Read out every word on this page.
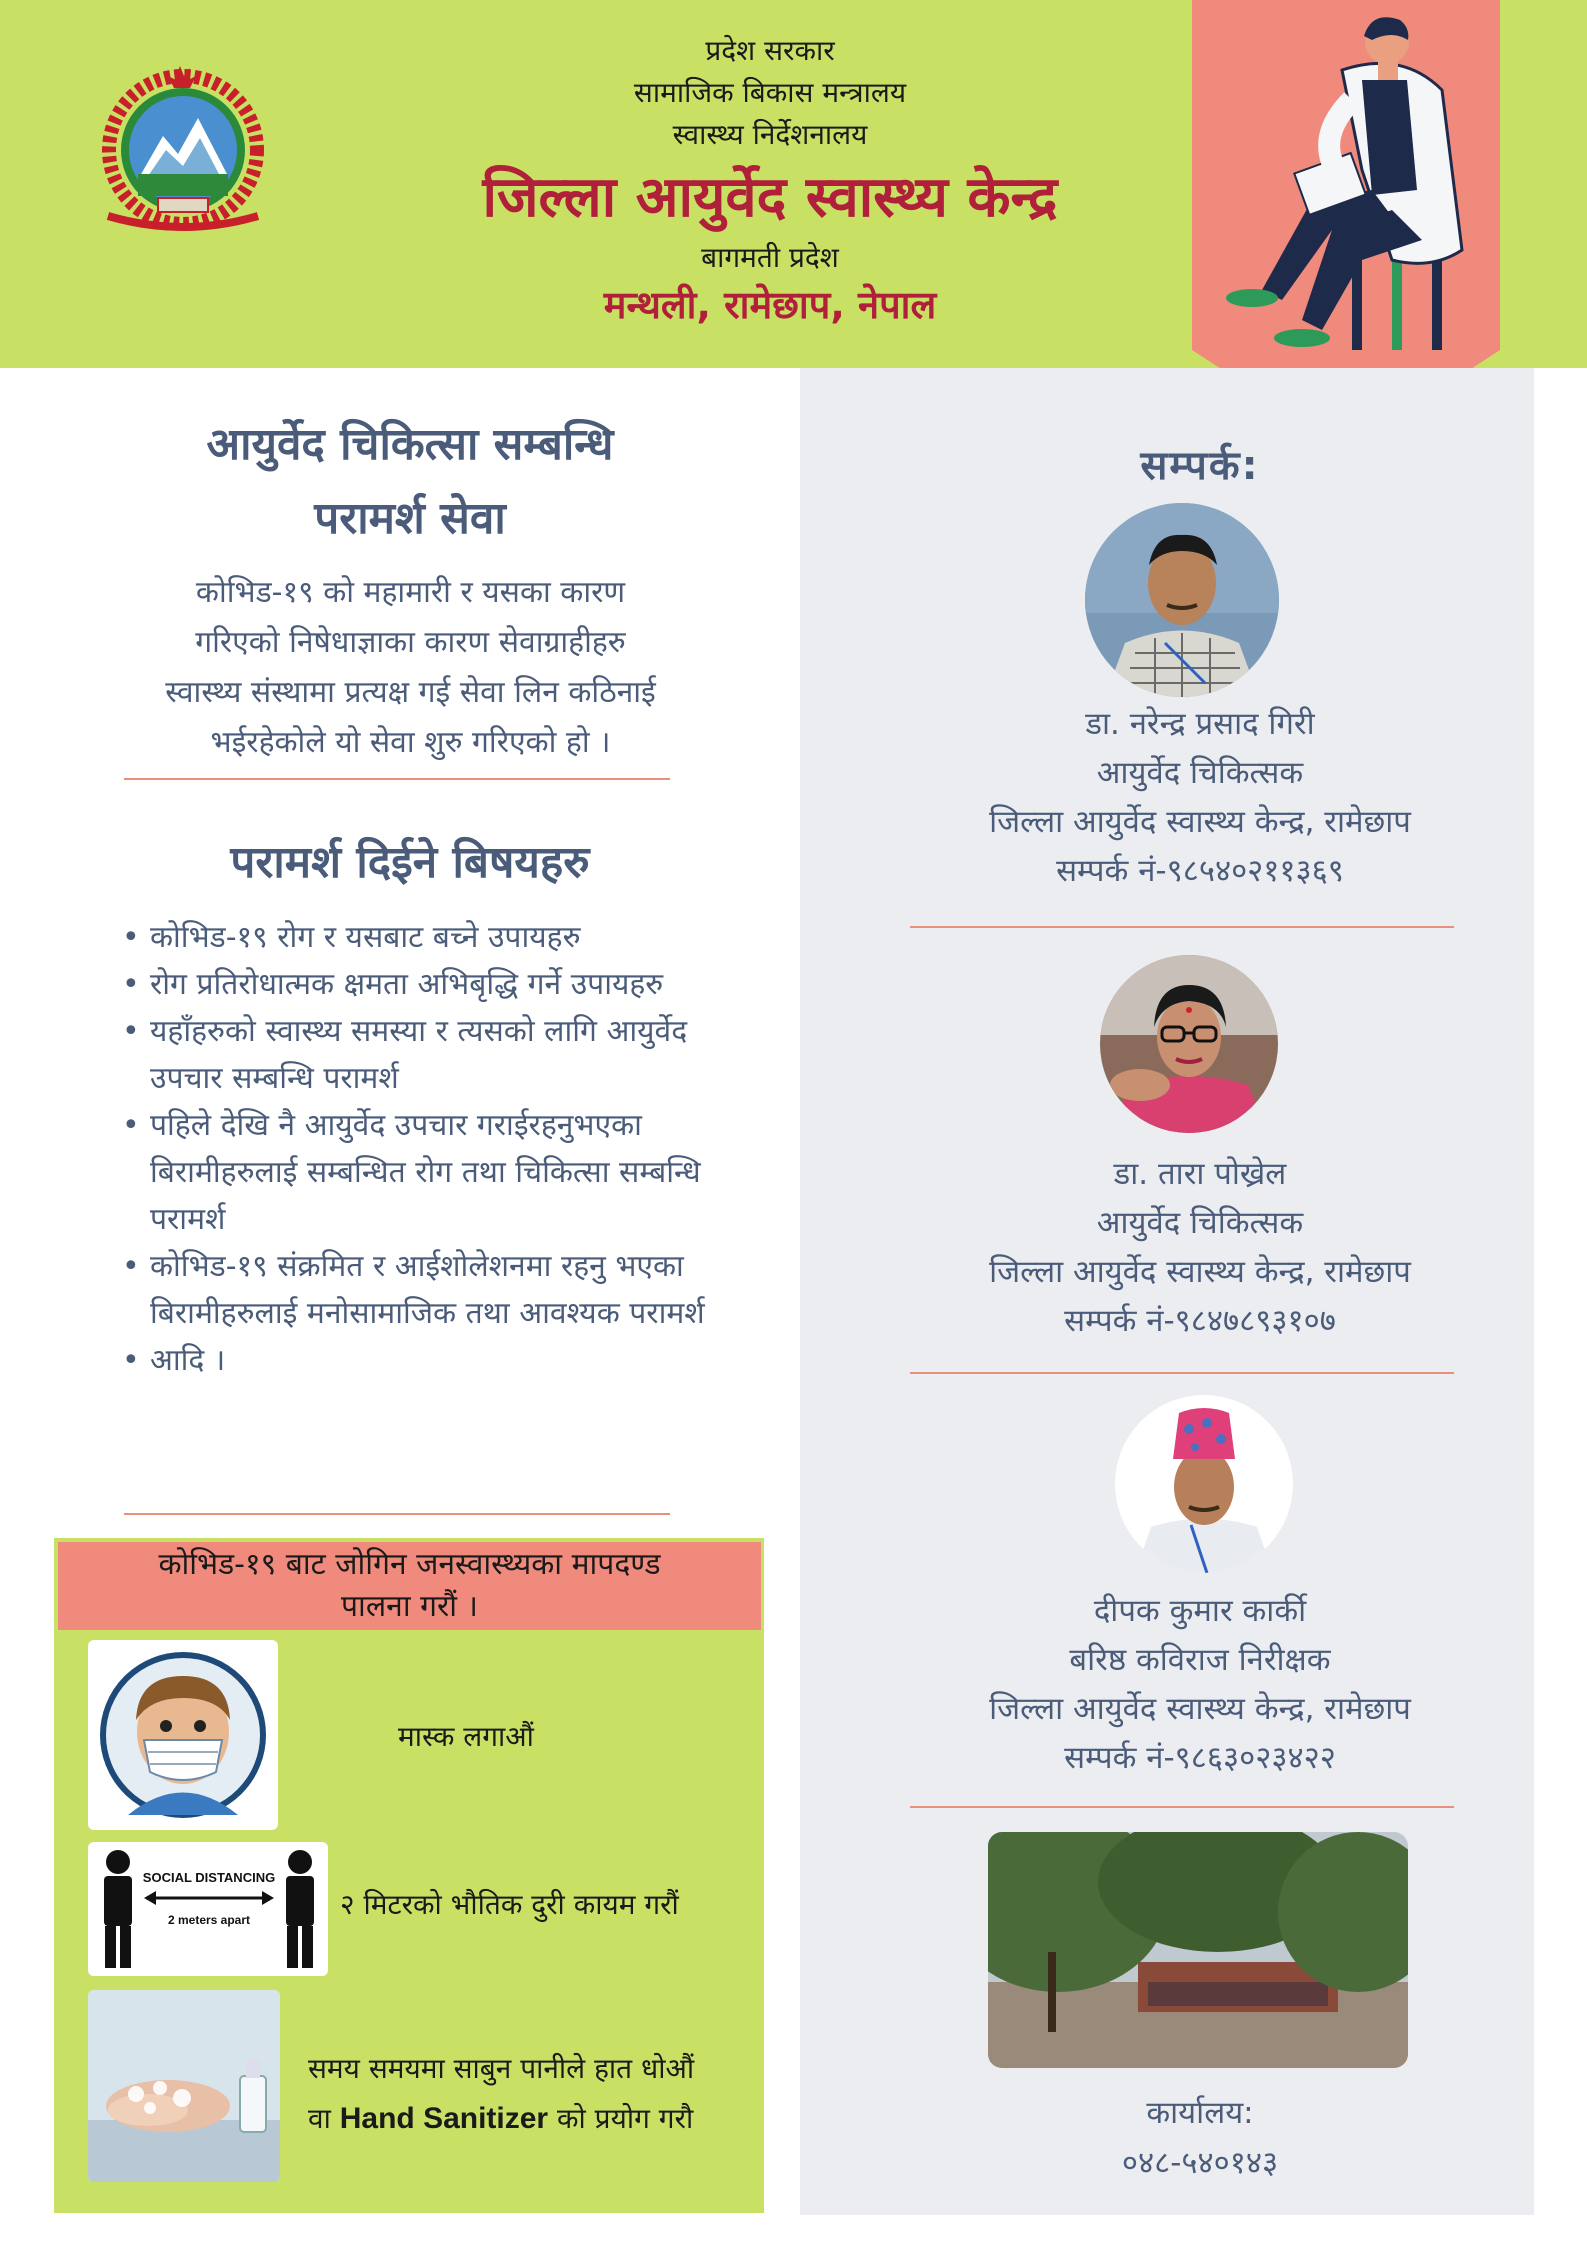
प्रदेश सरकार
सामाजिक बिकास मन्त्रालय
स्वास्थ्य निर्देशनालय
जिल्ला आयुर्वेद स्वास्थ्य केन्द्र
बागमती प्रदेश
मन्थली, रामेछाप, नेपाल
सम्पर्क:
डा. नरेन्द्र प्रसाद गिरी
आयुर्वेद चिकित्सक
जिल्ला आयुर्वेद स्वास्थ्य केन्द्र, रामेछाप
सम्पर्क नं-९८५४०२११३६९
डा. तारा पोख्रेल
आयुर्वेद चिकित्सक
जिल्ला आयुर्वेद स्वास्थ्य केन्द्र, रामेछाप
सम्पर्क नं-९८४७८९३१०७
दीपक कुमार कार्की
बरिष्ठ कविराज निरीक्षक
जिल्ला आयुर्वेद स्वास्थ्य केन्द्र, रामेछाप
सम्पर्क नं-९८६३०२३४२२
कार्यालय:
०४८-५४०१४३
आयुर्वेद चिकित्सा सम्बन्धि
परामर्श सेवा
कोभिड-१९ को महामारी र यसका कारण
गरिएको निषेधाज्ञाका कारण सेवाग्राहीहरु
स्वास्थ्य संस्थामा प्रत्यक्ष गई सेवा लिन कठिनाई
भईरहेकोले यो सेवा शुरु गरिएको हो ।
परामर्श दिईने बिषयहरु
• कोभिड-१९ रोग र यसबाट बच्ने उपायहरु
• रोग प्रतिरोधात्मक क्षमता अभिबृद्धि गर्ने उपायहरु
• यहाँहरुको स्वास्थ्य समस्या र त्यसको लागि आयुर्वेद उपचार सम्बन्धि परामर्श
• पहिले देखि नै आयुर्वेद उपचार गराईरहनुभएका बिरामीहरुलाई सम्बन्धित रोग तथा चिकित्सा सम्बन्धि परामर्श
• कोभिड-१९ संक्रमित र आईशोलेशनमा रहनु भएका बिरामीहरुलाई मनोसामाजिक तथा आवश्यक परामर्श
• आदि ।
कोभिड-१९ बाट जोगिन जनस्वास्थ्यका मापदण्ड
पालना गरौं ।
मास्क लगाऔं
SOCIAL DISTANCING
2 meters apart	२ मिटरको भौतिक दुरी कायम गरौं
समय समयमा साबुन पानीले हात धोऔं
वा Hand Sanitizer को प्रयोग गरौ
